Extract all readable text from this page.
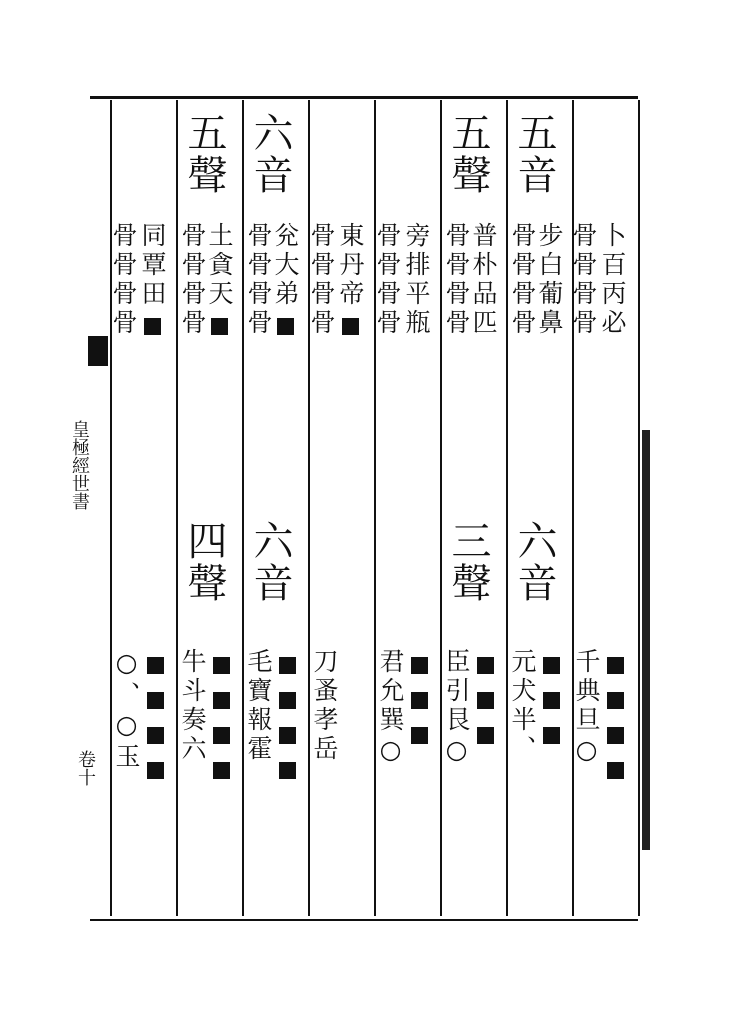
皇極經世書
卷十
卜百丙必
骨骨骨骨
五音
五聲
旁排平瓶
骨骨骨骨
東丹帝
骨骨骨骨
六音
五聲
同覃田
骨骨骨骨	步白葡鼻
骨骨骨骨
普朴品匹
骨骨骨骨
兊大弟
骨骨骨骨
土貪天
骨骨骨骨
千典旦○
六音
元犬半、
三聲
臣引艮○
君允巽○
刀蚤孝岳
六音
毛寶報霍
四聲
牛斗奏六
○、○玉
